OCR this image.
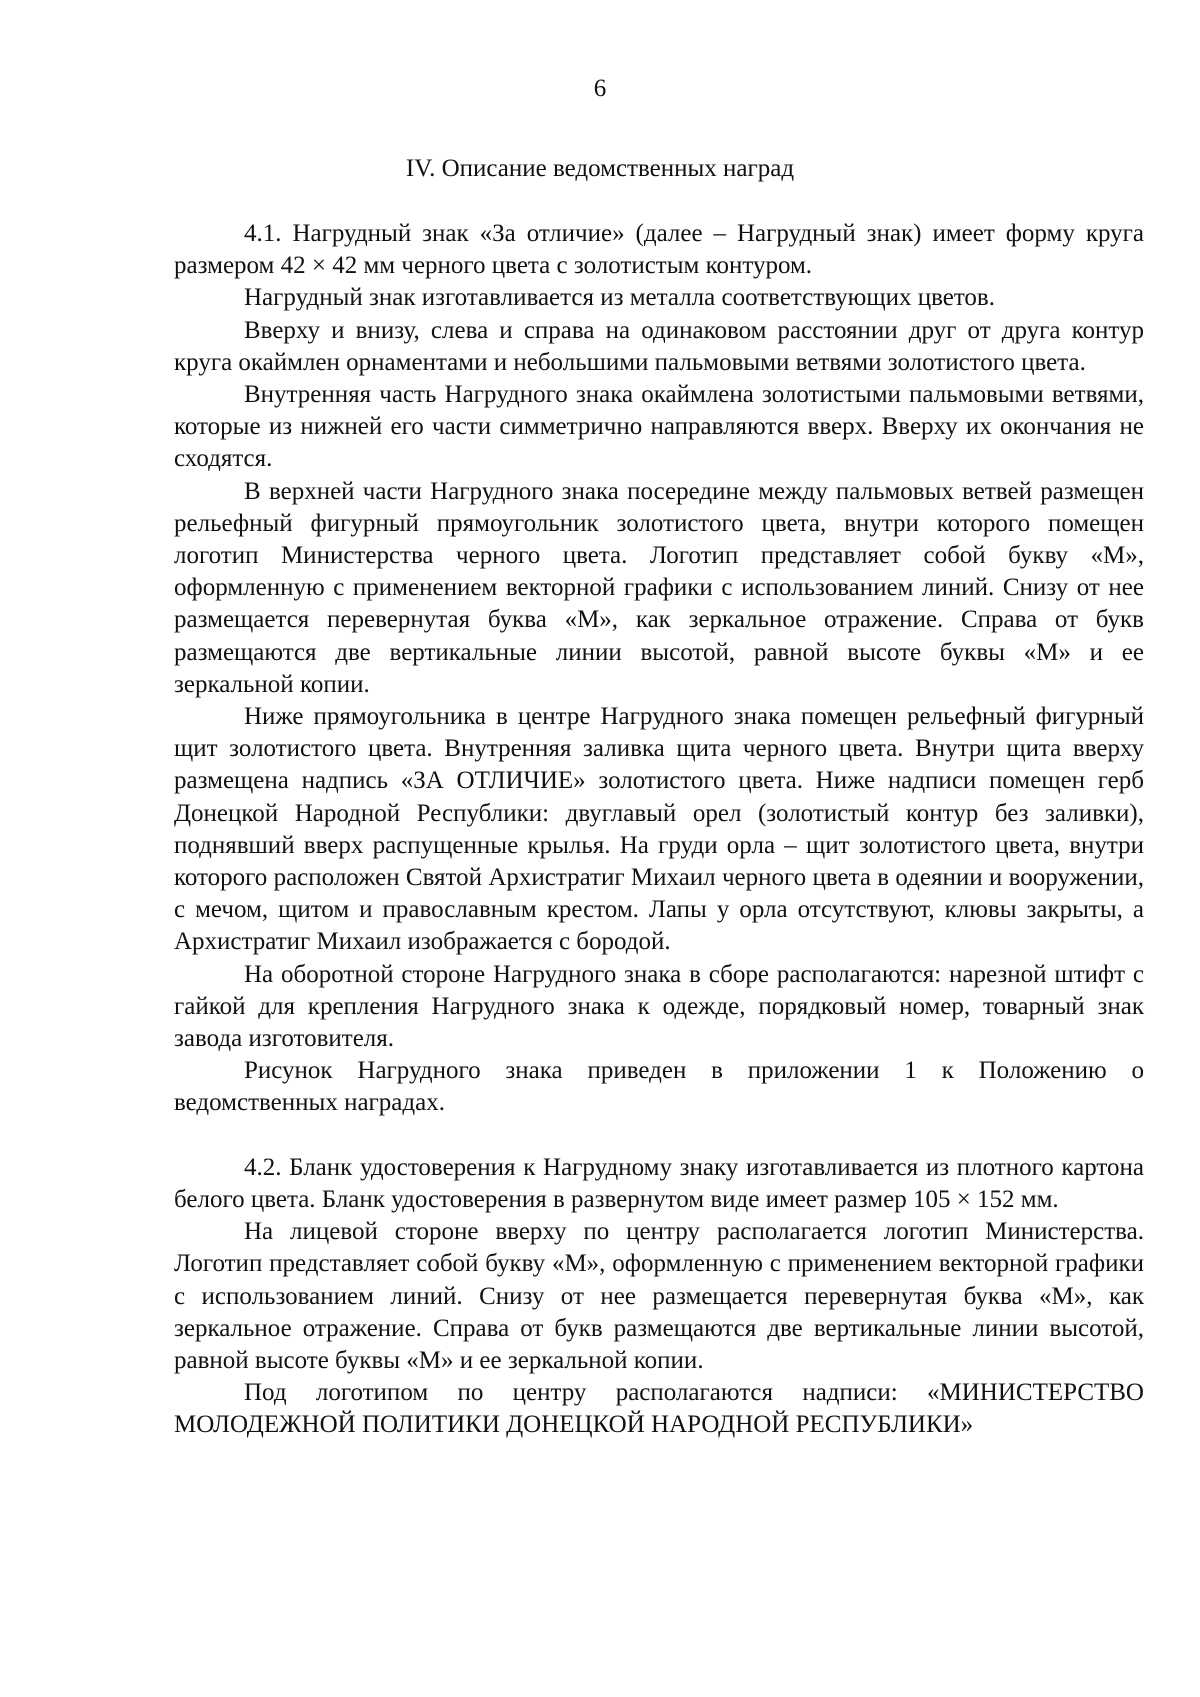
6
IV. Описание ведомственных наград

4.1. Нагрудный знак «За отличие» (далее – Нагрудный знак) имеет форму круга размером 42 × 42 мм черного цвета с золотистым контуром.

Нагрудный знак изготавливается из металла соответствующих цветов.

Вверху и внизу, слева и справа на одинаковом расстоянии друг от друга контур круга окаймлен орнаментами и небольшими пальмовыми ветвями золотистого цвета.

Внутренняя часть Нагрудного знака окаймлена золотистыми пальмовыми ветвями, которые из нижней его части симметрично направляются вверх. Вверху их окончания не сходятся.

В верхней части Нагрудного знака посередине между пальмовых ветвей размещен рельефный фигурный прямоугольник золотистого цвета, внутри которого помещен логотип Министерства черного цвета. Логотип представляет собой букву «М», оформленную с применением векторной графики с использованием линий. Снизу от нее размещается перевернутая буква «М», как зеркальное отражение. Справа от букв размещаются две вертикальные линии высотой, равной высоте буквы «М» и ее зеркальной копии.

Ниже прямоугольника в центре Нагрудного знака помещен рельефный фигурный щит золотистого цвета. Внутренняя заливка щита черного цвета. Внутри щита вверху размещена надпись «ЗА ОТЛИЧИЕ» золотистого цвета. Ниже надписи помещен герб Донецкой Народной Республики: двуглавый орел (золотистый контур без заливки), поднявший вверх распущенные крылья. На груди орла – щит золотистого цвета, внутри которого расположен Святой Архистратиг Михаил черного цвета в одеянии и вооружении, с мечом, щитом и православным крестом. Лапы у орла отсутствуют, клювы закрыты, а Архистратиг Михаил изображается с бородой.

На оборотной стороне Нагрудного знака в сборе располагаются: нарезной штифт с гайкой для крепления Нагрудного знака к одежде, порядковый номер, товарный знак завода изготовителя.

Рисунок Нагрудного знака приведен в приложении 1 к Положению о ведомственных наградах.

4.2. Бланк удостоверения к Нагрудному знаку изготавливается из плотного картона белого цвета. Бланк удостоверения в развернутом виде имеет размер 105 × 152 мм.

На лицевой стороне вверху по центру располагается логотип Министерства. Логотип представляет собой букву «М», оформленную с применением векторной графики с использованием линий. Снизу от нее размещается перевернутая буква «М», как зеркальное отражение. Справа от букв размещаются две вертикальные линии высотой, равной высоте буквы «М» и ее зеркальной копии.

Под логотипом по центру располагаются надписи: «МИНИСТЕРСТВО МОЛОДЕЖНОЙ ПОЛИТИКИ ДОНЕЦКОЙ НАРОДНОЙ РЕСПУБЛИКИ»
